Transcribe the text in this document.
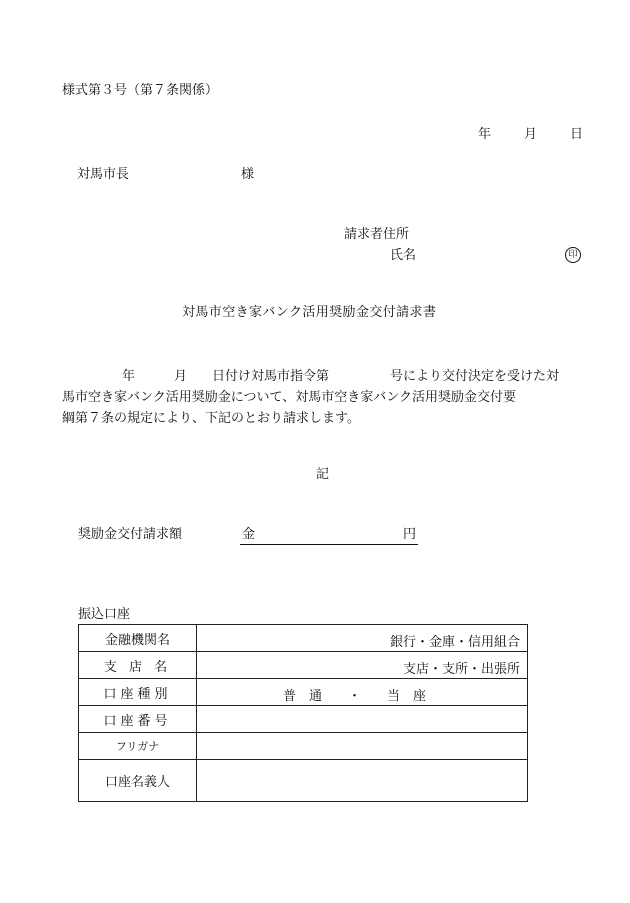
様式第３号（第７条関係）
年	月	日
対馬市長	様
請求者住所
氏名	印
対馬市空き家バンク活用奨励金交付請求書
年	月 日付け対馬市指令第	号により交付決定を受けた対
馬市空き家バンク活用奨励金について、対馬市空き家バンク活用奨励金交付要
綱第７条の規定により、下記のとおり請求します。
記
奨励金交付請求額	金	円
振込口座
金融機関名	銀行・金庫・信用組合

支 店 名	支店・支所・出張所

口座種別	普　通　　・　　当　座

口座番号	
フリガナ	
口座名義人	
